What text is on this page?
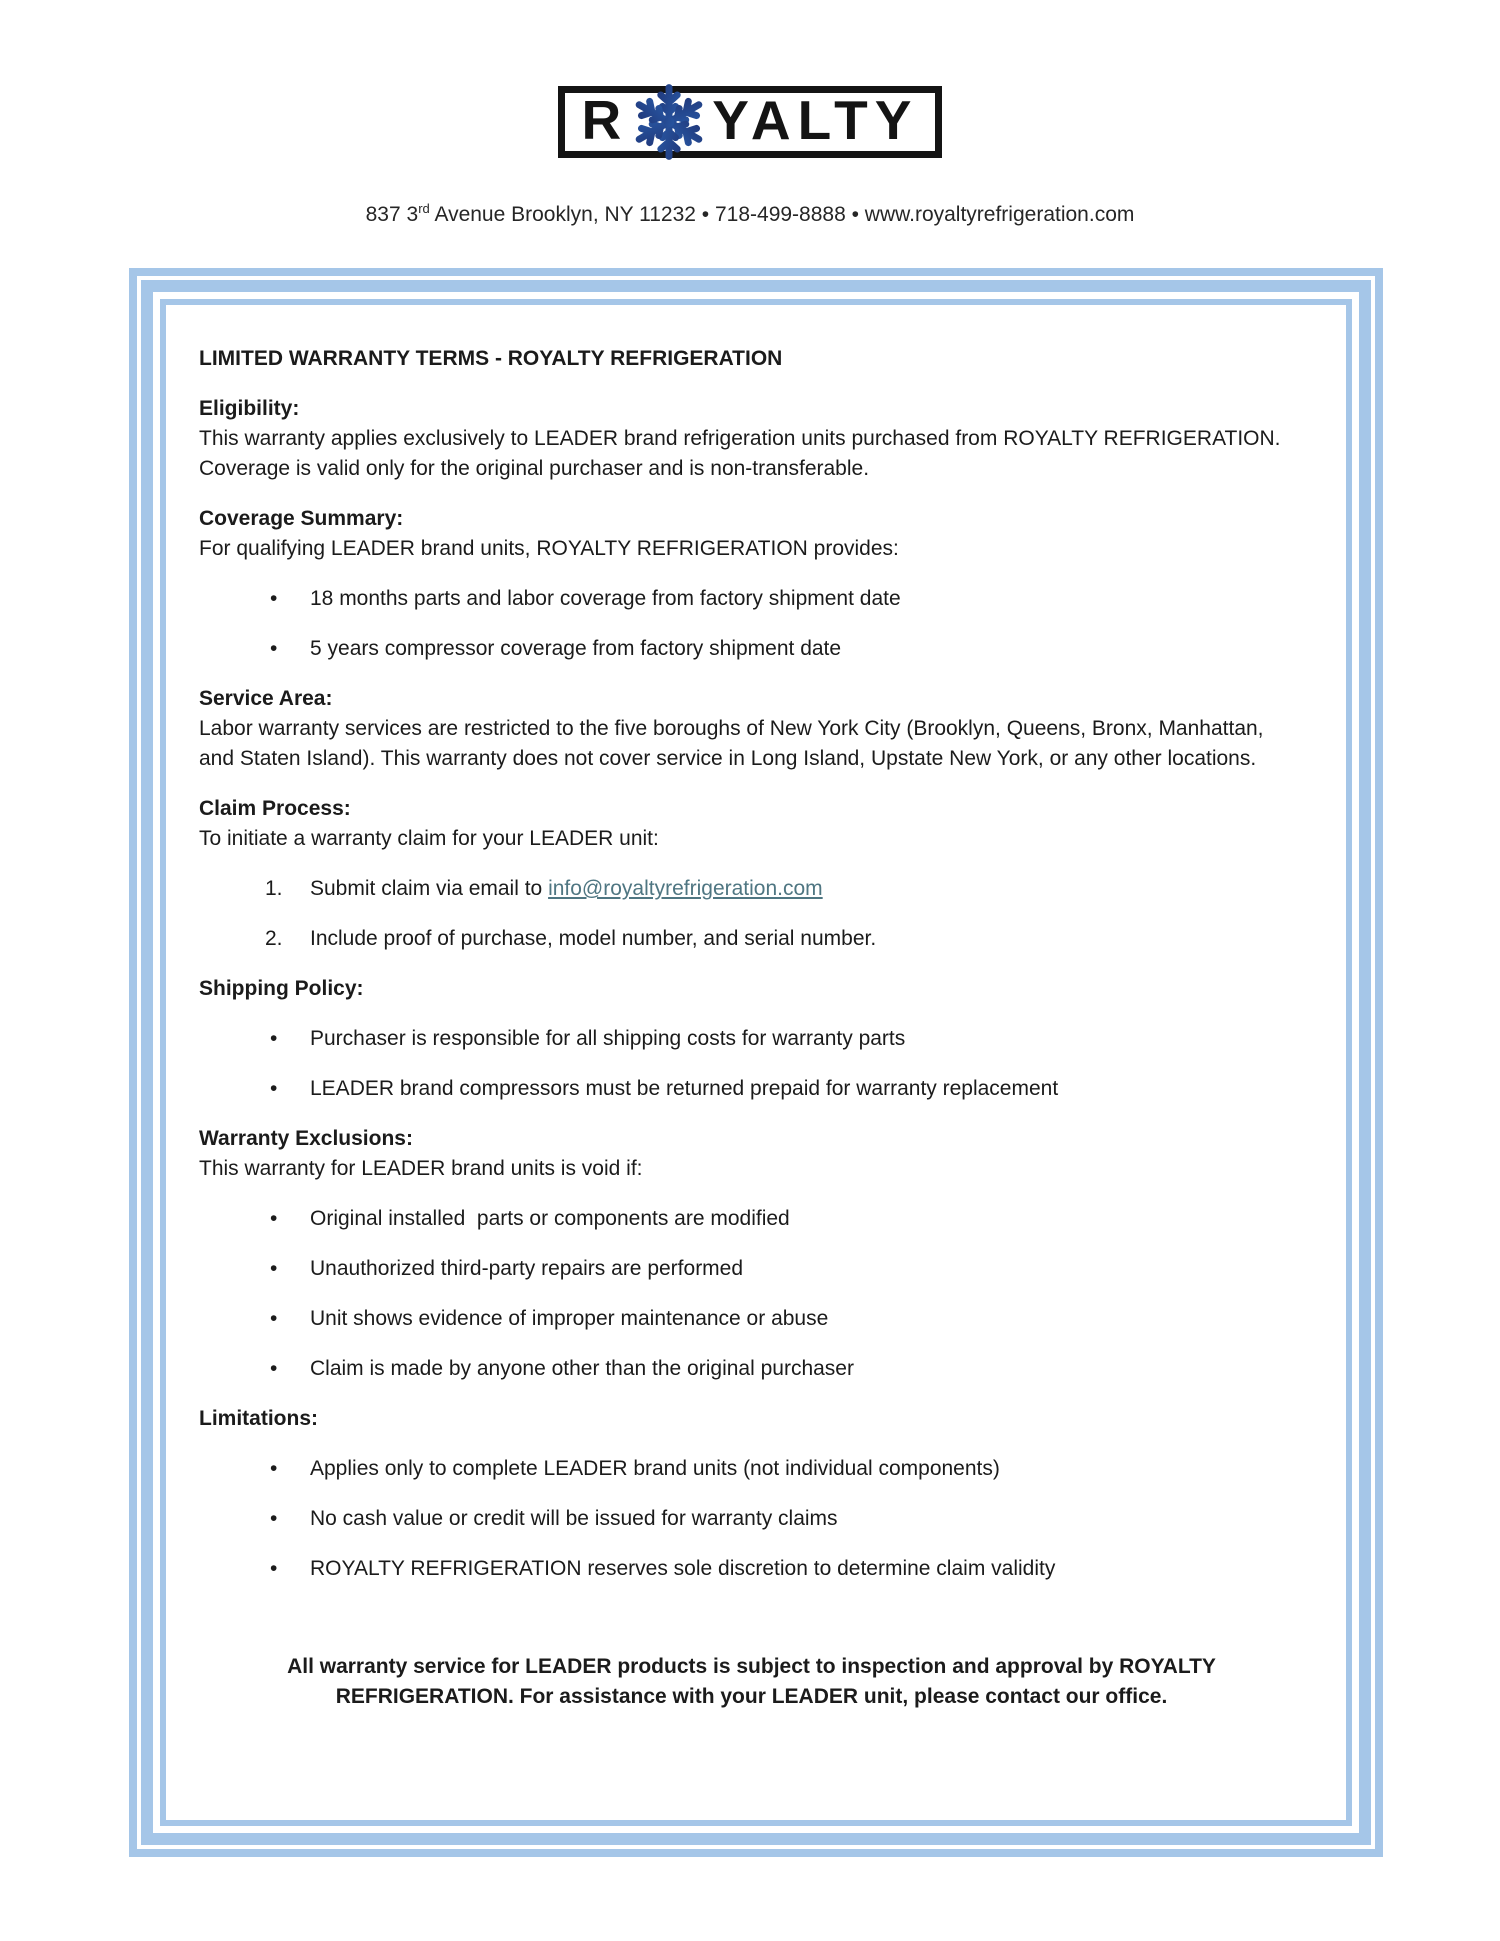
R YALTY
837 3rd Avenue Brooklyn, NY 11232 • 718-499-8888 • www.royaltyrefrigeration.com
LIMITED WARRANTY TERMS - ROYALTY REFRIGERATION
Eligibility:

This warranty applies exclusively to LEADER brand refrigeration units purchased from ROYALTY REFRIGERATION. Coverage is valid only for the original purchaser and is non-transferable.

Coverage Summary:

For qualifying LEADER brand units, ROYALTY REFRIGERATION provides:

• 18 months parts and labor coverage from factory shipment date
• 5 years compressor coverage from factory shipment date
Service Area:

Labor warranty services are restricted to the five boroughs of New York City (Brooklyn, Queens, Bronx, Manhattan, and Staten Island). This warranty does not cover service in Long Island, Upstate New York, or any other locations.

Claim Process:

To initiate a warranty claim for your LEADER unit:

1. Submit claim via email to info@royaltyrefrigeration.com
2. Include proof of purchase, model number, and serial number.
Shipping Policy:
• Purchaser is responsible for all shipping costs for warranty parts
• LEADER brand compressors must be returned prepaid for warranty replacement
Warranty Exclusions:

This warranty for LEADER brand units is void if:

• Original installed  parts or components are modified
• Unauthorized third-party repairs are performed
• Unit shows evidence of improper maintenance or abuse
• Claim is made by anyone other than the original purchaser
Limitations:
• Applies only to complete LEADER brand units (not individual components)
• No cash value or credit will be issued for warranty claims
• ROYALTY REFRIGERATION reserves sole discretion to determine claim validity
All warranty service for LEADER products is subject to inspection and approval by ROYALTY REFRIGERATION. For assistance with your LEADER unit, please contact our office.
